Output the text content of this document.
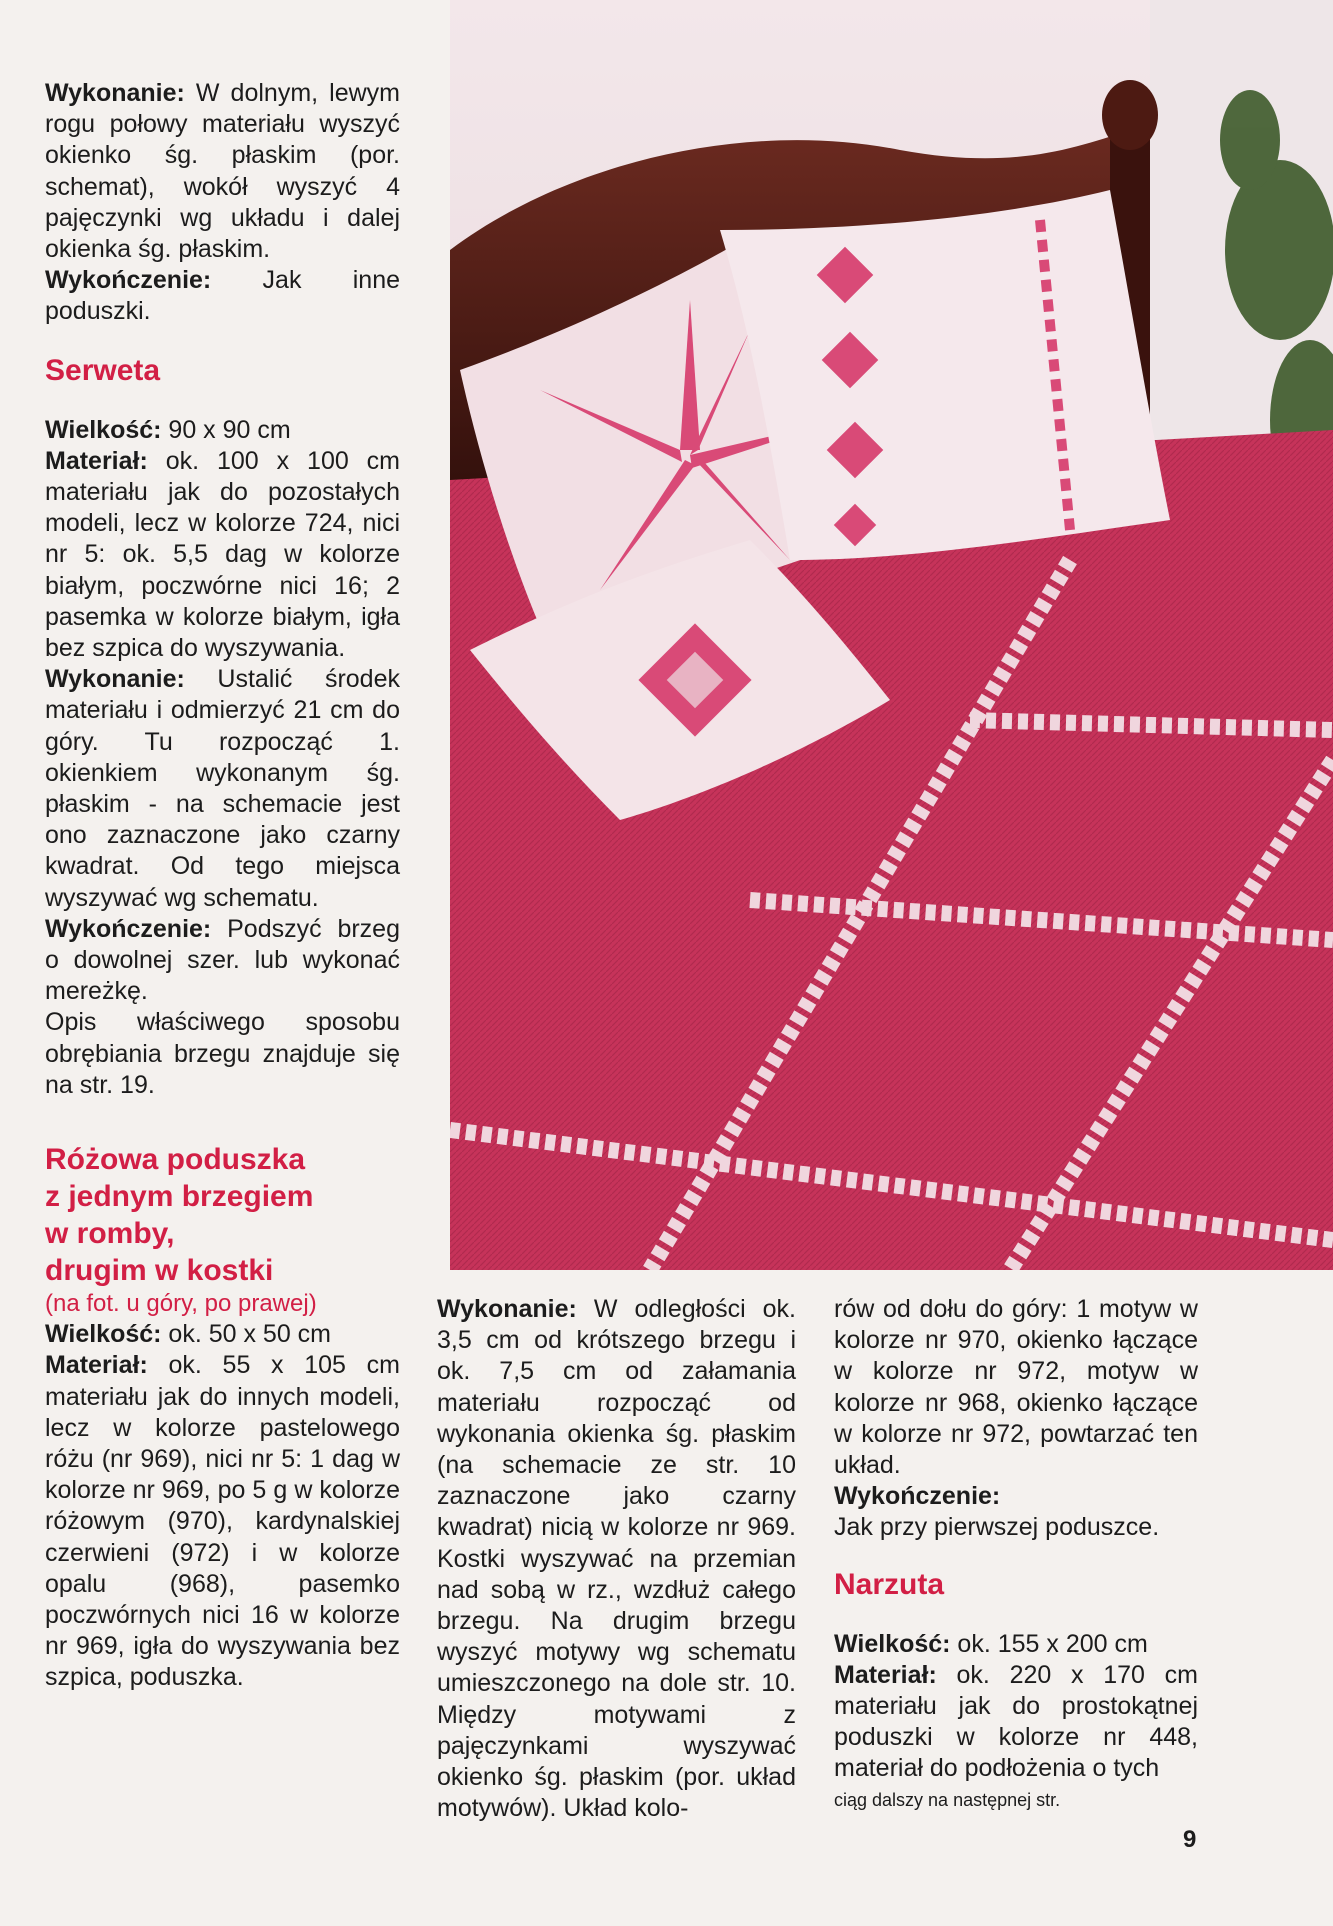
Wykonanie: W dolnym, lewym rogu połowy materiału wyszyć okienko śg. płaskim (por. schemat), wokół wyszyć 4 pajęczynki wg układu i dalej okienka śg. płaskim.

Wykończenie: Jak inne poduszki.

Serweta

Wielkość: 90 x 90 cm

Materiał: ok. 100 x 100 cm materiału jak do pozostałych modeli, lecz w kolorze 724, nici nr 5: ok. 5,5 dag w kolorze białym, poczwórne nici 16; 2 pasemka w kolorze białym, igła bez szpica do wyszywania.

Wykonanie: Ustalić środek materiału i odmierzyć 21 cm do góry. Tu rozpocząć 1. okienkiem wykonanym śg. płaskim - na schemacie jest ono zaznaczone jako czarny kwadrat. Od tego miejsca wyszywać wg schematu.

Wykończenie: Podszyć brzeg o dowolnej szer. lub wykonać mereżkę.

Opis właściwego sposobu obrębiania brzegu znajduje się na str. 19.

Różowa poduszka

z jednym brzegiem

w romby,

drugim w kostki

(na fot. u góry, po prawej)

Wielkość: ok. 50 x 50 cm

Materiał: ok. 55 x 105 cm materiału jak do innych modeli, lecz w kolorze pastelowego różu (nr 969), nici nr 5: 1 dag w kolorze nr 969, po 5 g w kolorze różowym (970), kardynalskiej czerwieni (972) i w kolorze opalu (968), pasemko poczwórnych nici 16 w kolorze nr 969, igła do wyszywania bez szpica, poduszka.

Wykonanie: W odległości ok. 3,5 cm od krótszego brzegu i ok. 7,5 cm od załamania materiału rozpocząć od wykonania okienka śg. płaskim (na schemacie ze str. 10 zaznaczone jako czarny kwadrat) nicią w kolorze nr 969. Kostki wyszywać na przemian nad sobą w rz., wzdłuż całego brzegu. Na drugim brzegu wyszyć motywy wg schematu umieszczonego na dole str. 10. Między motywami z pajęczynkami wyszywać okienko śg. płaskim (por. układ motywów). Układ kolo-

rów od dołu do góry: 1 motyw w kolorze nr 970, okienko łączące w kolorze nr 972, motyw w kolorze nr 968, okienko łączące w kolorze nr 972, powtarzać ten układ.

Wykończenie:

Jak przy pierwszej poduszce.

Narzuta

Wielkość: ok. 155 x 200 cm

Materiał: ok. 220 x 170 cm materiału jak do prostokątnej poduszki w kolorze nr 448, materiał do podłożenia o tych

ciąg dalszy na następnej str.

9
